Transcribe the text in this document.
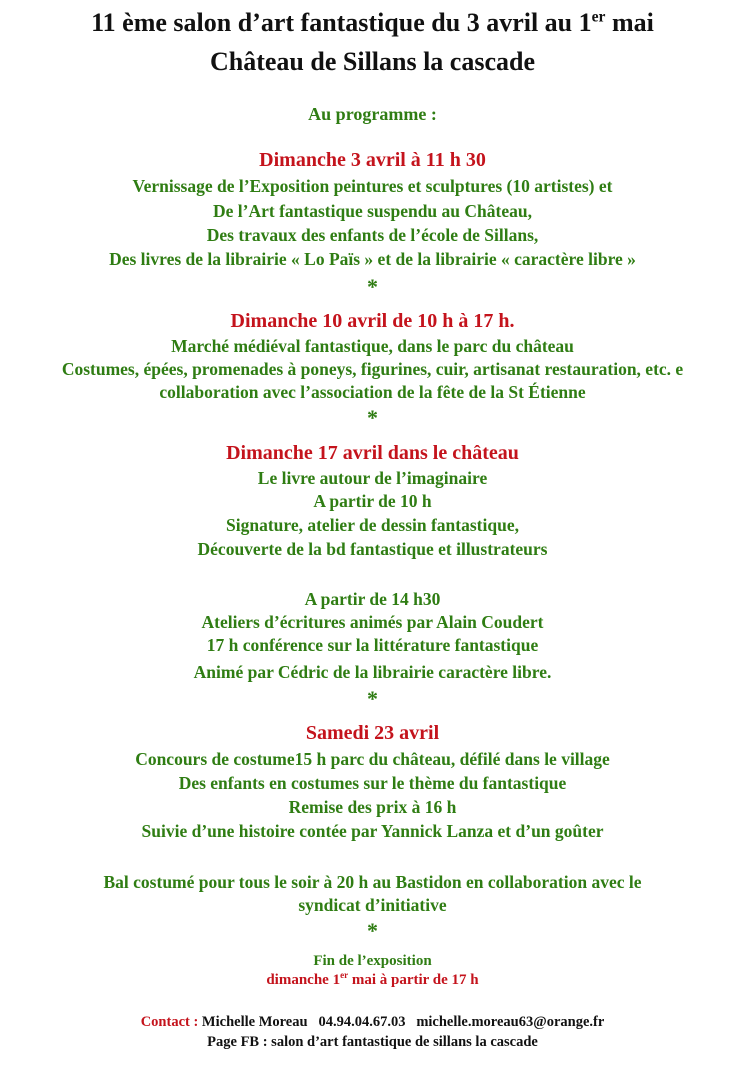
11 ème salon d’art fantastique du 3 avril au 1er mai
Château de Sillans la cascade
Au programme :
Dimanche 3 avril à 11 h 30
Vernissage de l’Exposition peintures et sculptures (10 artistes) et
De l’Art fantastique suspendu au Château,
Des travaux des enfants de l’école de Sillans,
Des livres de la librairie « Lo Païs » et de la librairie « caractère libre »
*
Dimanche 10 avril de 10 h à 17 h.
Marché médiéval fantastique, dans le parc du château
Costumes, épées, promenades à poneys, figurines, cuir, artisanat restauration, etc. e
collaboration avec l’association de la fête de la St Étienne
*
Dimanche 17 avril dans le château
Le livre autour de l’imaginaire
A partir de 10 h
Signature, atelier de dessin fantastique,
Découverte de la bd fantastique et illustrateurs
A partir de 14 h30
Ateliers d’écritures animés par Alain Coudert
17 h conférence sur la littérature fantastique
Animé par Cédric de la librairie caractère libre.
*
Samedi 23 avril
Concours de costume15 h parc du château, défilé dans le village
Des enfants en costumes sur le thème du fantastique
Remise des prix à 16 h
Suivie d’une histoire contée par Yannick Lanza et d’un goûter
Bal costumé pour tous le soir à 20 h au Bastidon en collaboration avec le
syndicat d’initiative
*
Fin de l’exposition
dimanche 1er mai à partir de 17 h
Contact : Michelle Moreau 04.94.04.67.03 michelle.moreau63@orange.fr
Page FB : salon d’art fantastique de sillans la cascade
